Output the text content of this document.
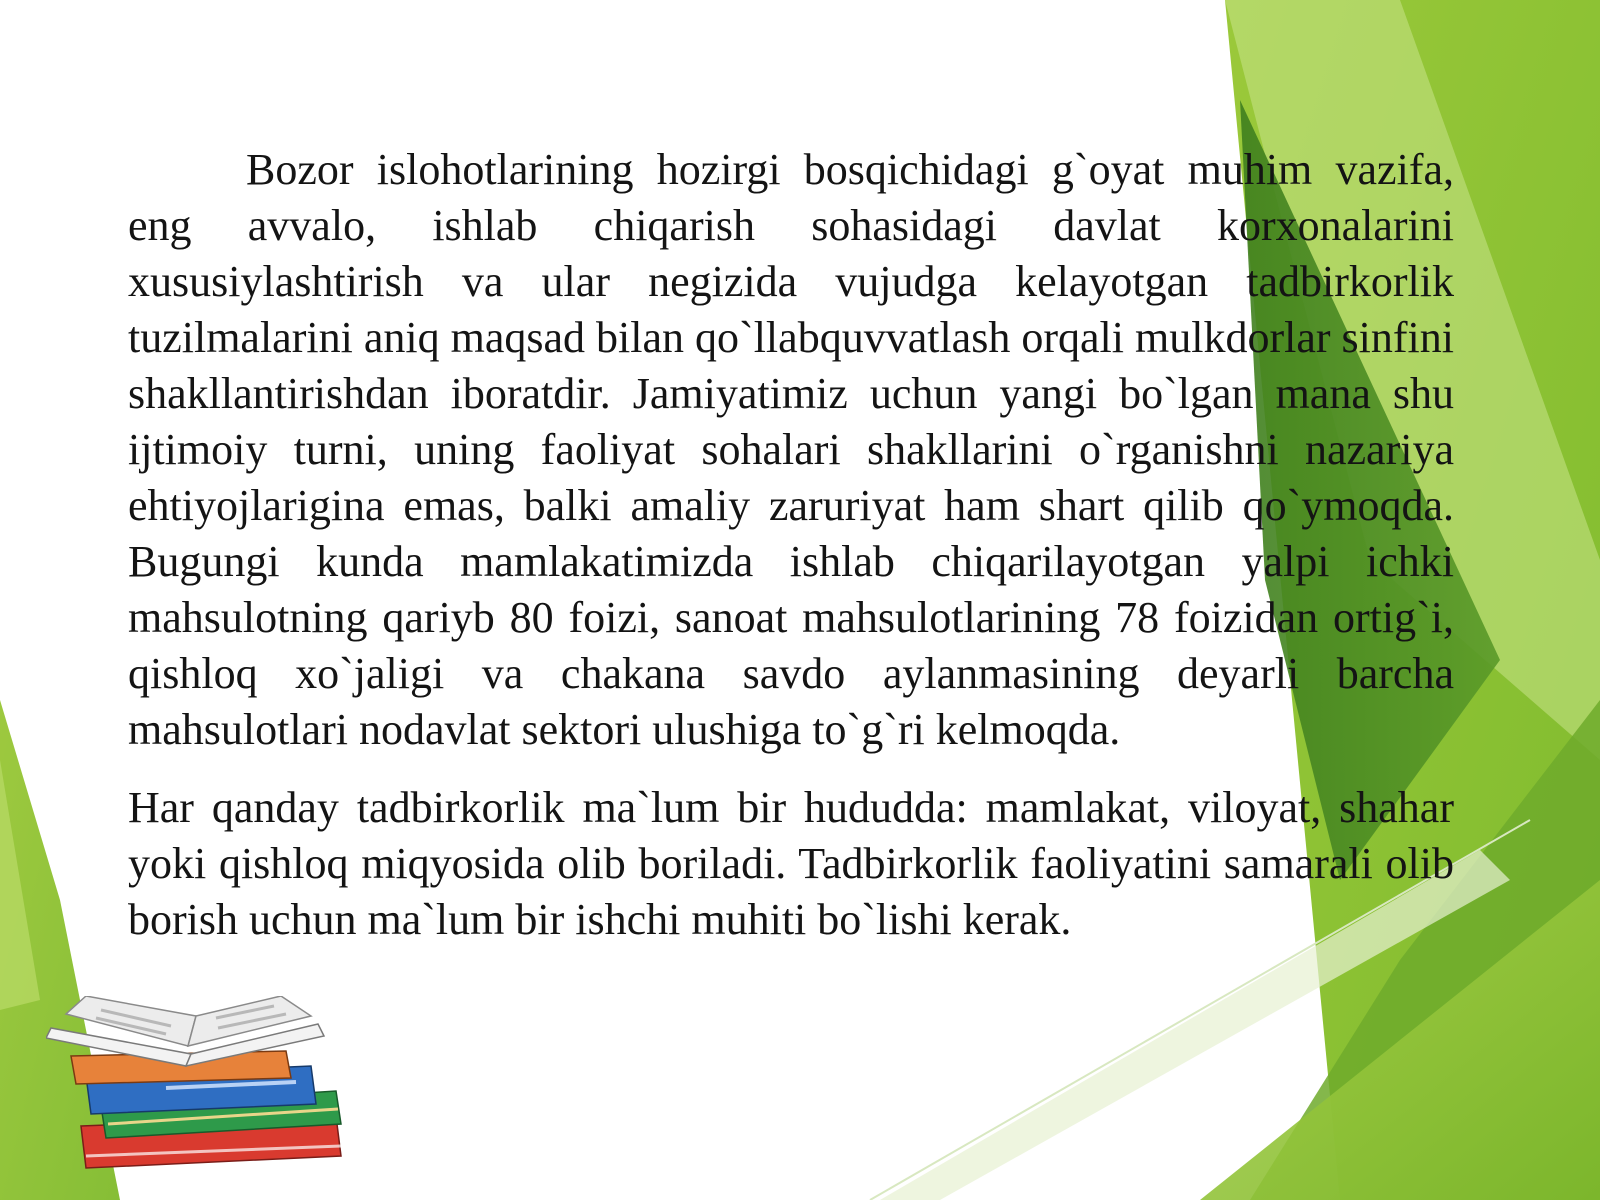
Bozor islohotlarining hozirgi bosqichidagi g`oyat muhim vazifa, eng avvalo, ishlab chiqarish sohasidagi davlat korxonalarini xususiylashtirish va ular negizida vujudga kelayotgan tadbirkorlik tuzilmalarini aniq maqsad bilan qo`llabquvvatlash orqali mulkdorlar sinfini shakllantirishdan iboratdir. Jamiyatimiz uchun yangi bo`lgan mana shu ijtimoiy turni, uning faoliyat sohalari shakllarini o`rganishni nazariya ehtiyojlarigina emas, balki amaliy zaruriyat ham shart qilib qo`ymoqda. Bugungi kunda mamlakatimizda ishlab chiqarilayotgan yalpi ichki mahsulotning qariyb 80 foizi, sanoat mahsulotlarining 78 foizidan ortig`i, qishloq xo`jaligi va chakana savdo aylanmasining deyarli barcha mahsulotlari nodavlat sektori ulushiga to`g`ri kelmoqda.

Har qanday tadbirkorlik ma`lum bir hududda: mamlakat, viloyat, shahar yoki qishloq miqyosida olib boriladi. Tadbirkorlik faoliyatini samarali olib borish uchun ma`lum bir ishchi muhiti bo`lishi kerak.
